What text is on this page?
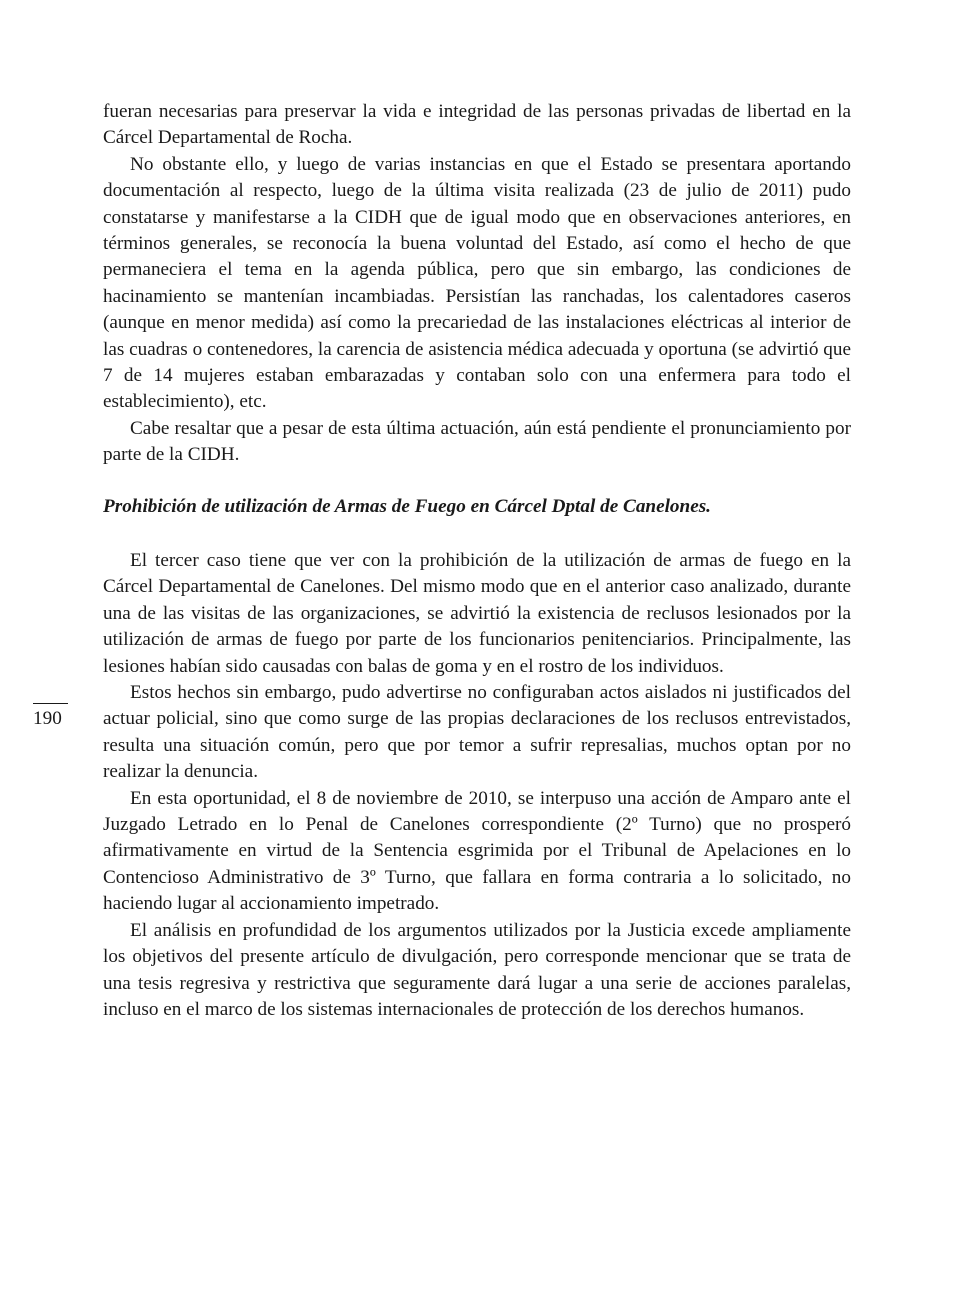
fueran necesarias para preservar la vida e integridad de las personas privadas de libertad en la Cárcel Departamental de Rocha.

No obstante ello, y luego de varias instancias en que el Estado se presentara aportando documentación al respecto, luego de la última visita realizada (23 de julio de 2011) pudo constatarse y manifestarse a la CIDH que de igual modo que en observaciones anteriores, en términos generales, se reconocía la buena voluntad del Estado, así como el hecho de que permaneciera el tema en la agenda pública, pero que sin embargo, las condiciones de hacinamiento se mantenían incambiadas. Persistían las ranchadas, los calentadores caseros (aunque en menor medida) así como la precariedad de las instalaciones eléctricas al interior de las cuadras o contenedores, la carencia de asistencia médica adecuada y oportuna (se advirtió que 7 de 14 mujeres estaban embarazadas y contaban solo con una enfermera para todo el establecimiento), etc.

Cabe resaltar que a pesar de esta última actuación, aún está pendiente el pronunciamiento por parte de la CIDH.

Prohibición de utilización de Armas de Fuego en Cárcel Dptal de Canelones.

El tercer caso tiene que ver con la prohibición de la utilización de armas de fuego en la Cárcel Departamental de Canelones. Del mismo modo que en el anterior caso analizado, durante una de las visitas de las organizaciones, se advirtió la existencia de reclusos lesionados por la utilización de armas de fuego por parte de los funcionarios penitenciarios. Principalmente, las lesiones habían sido causadas con balas de goma y en el rostro de los individuos.

Estos hechos sin embargo, pudo advertirse no configuraban actos aislados ni justificados del actuar policial, sino que como surge de las propias declaraciones de los reclusos entrevistados, resulta una situación común, pero que por temor a sufrir represalias, muchos optan por no realizar la denuncia.

En esta oportunidad, el 8 de noviembre de 2010, se interpuso una acción de Amparo ante el Juzgado Letrado en lo Penal de Canelones correspondiente (2º Turno) que no prosperó afirmativamente en virtud de la Sentencia esgrimida por el Tribunal de Apelaciones en lo Contencioso Administrativo de 3º Turno, que fallara en forma contraria a lo solicitado, no haciendo lugar al accionamiento impetrado.

El análisis en profundidad de los argumentos utilizados por la Justicia excede ampliamente los objetivos del presente artículo de divulgación, pero corresponde mencionar que se trata de una tesis regresiva y restrictiva que seguramente dará lugar a una serie de acciones paralelas, incluso en el marco de los sistemas internacionales de protección de los derechos humanos.

190
